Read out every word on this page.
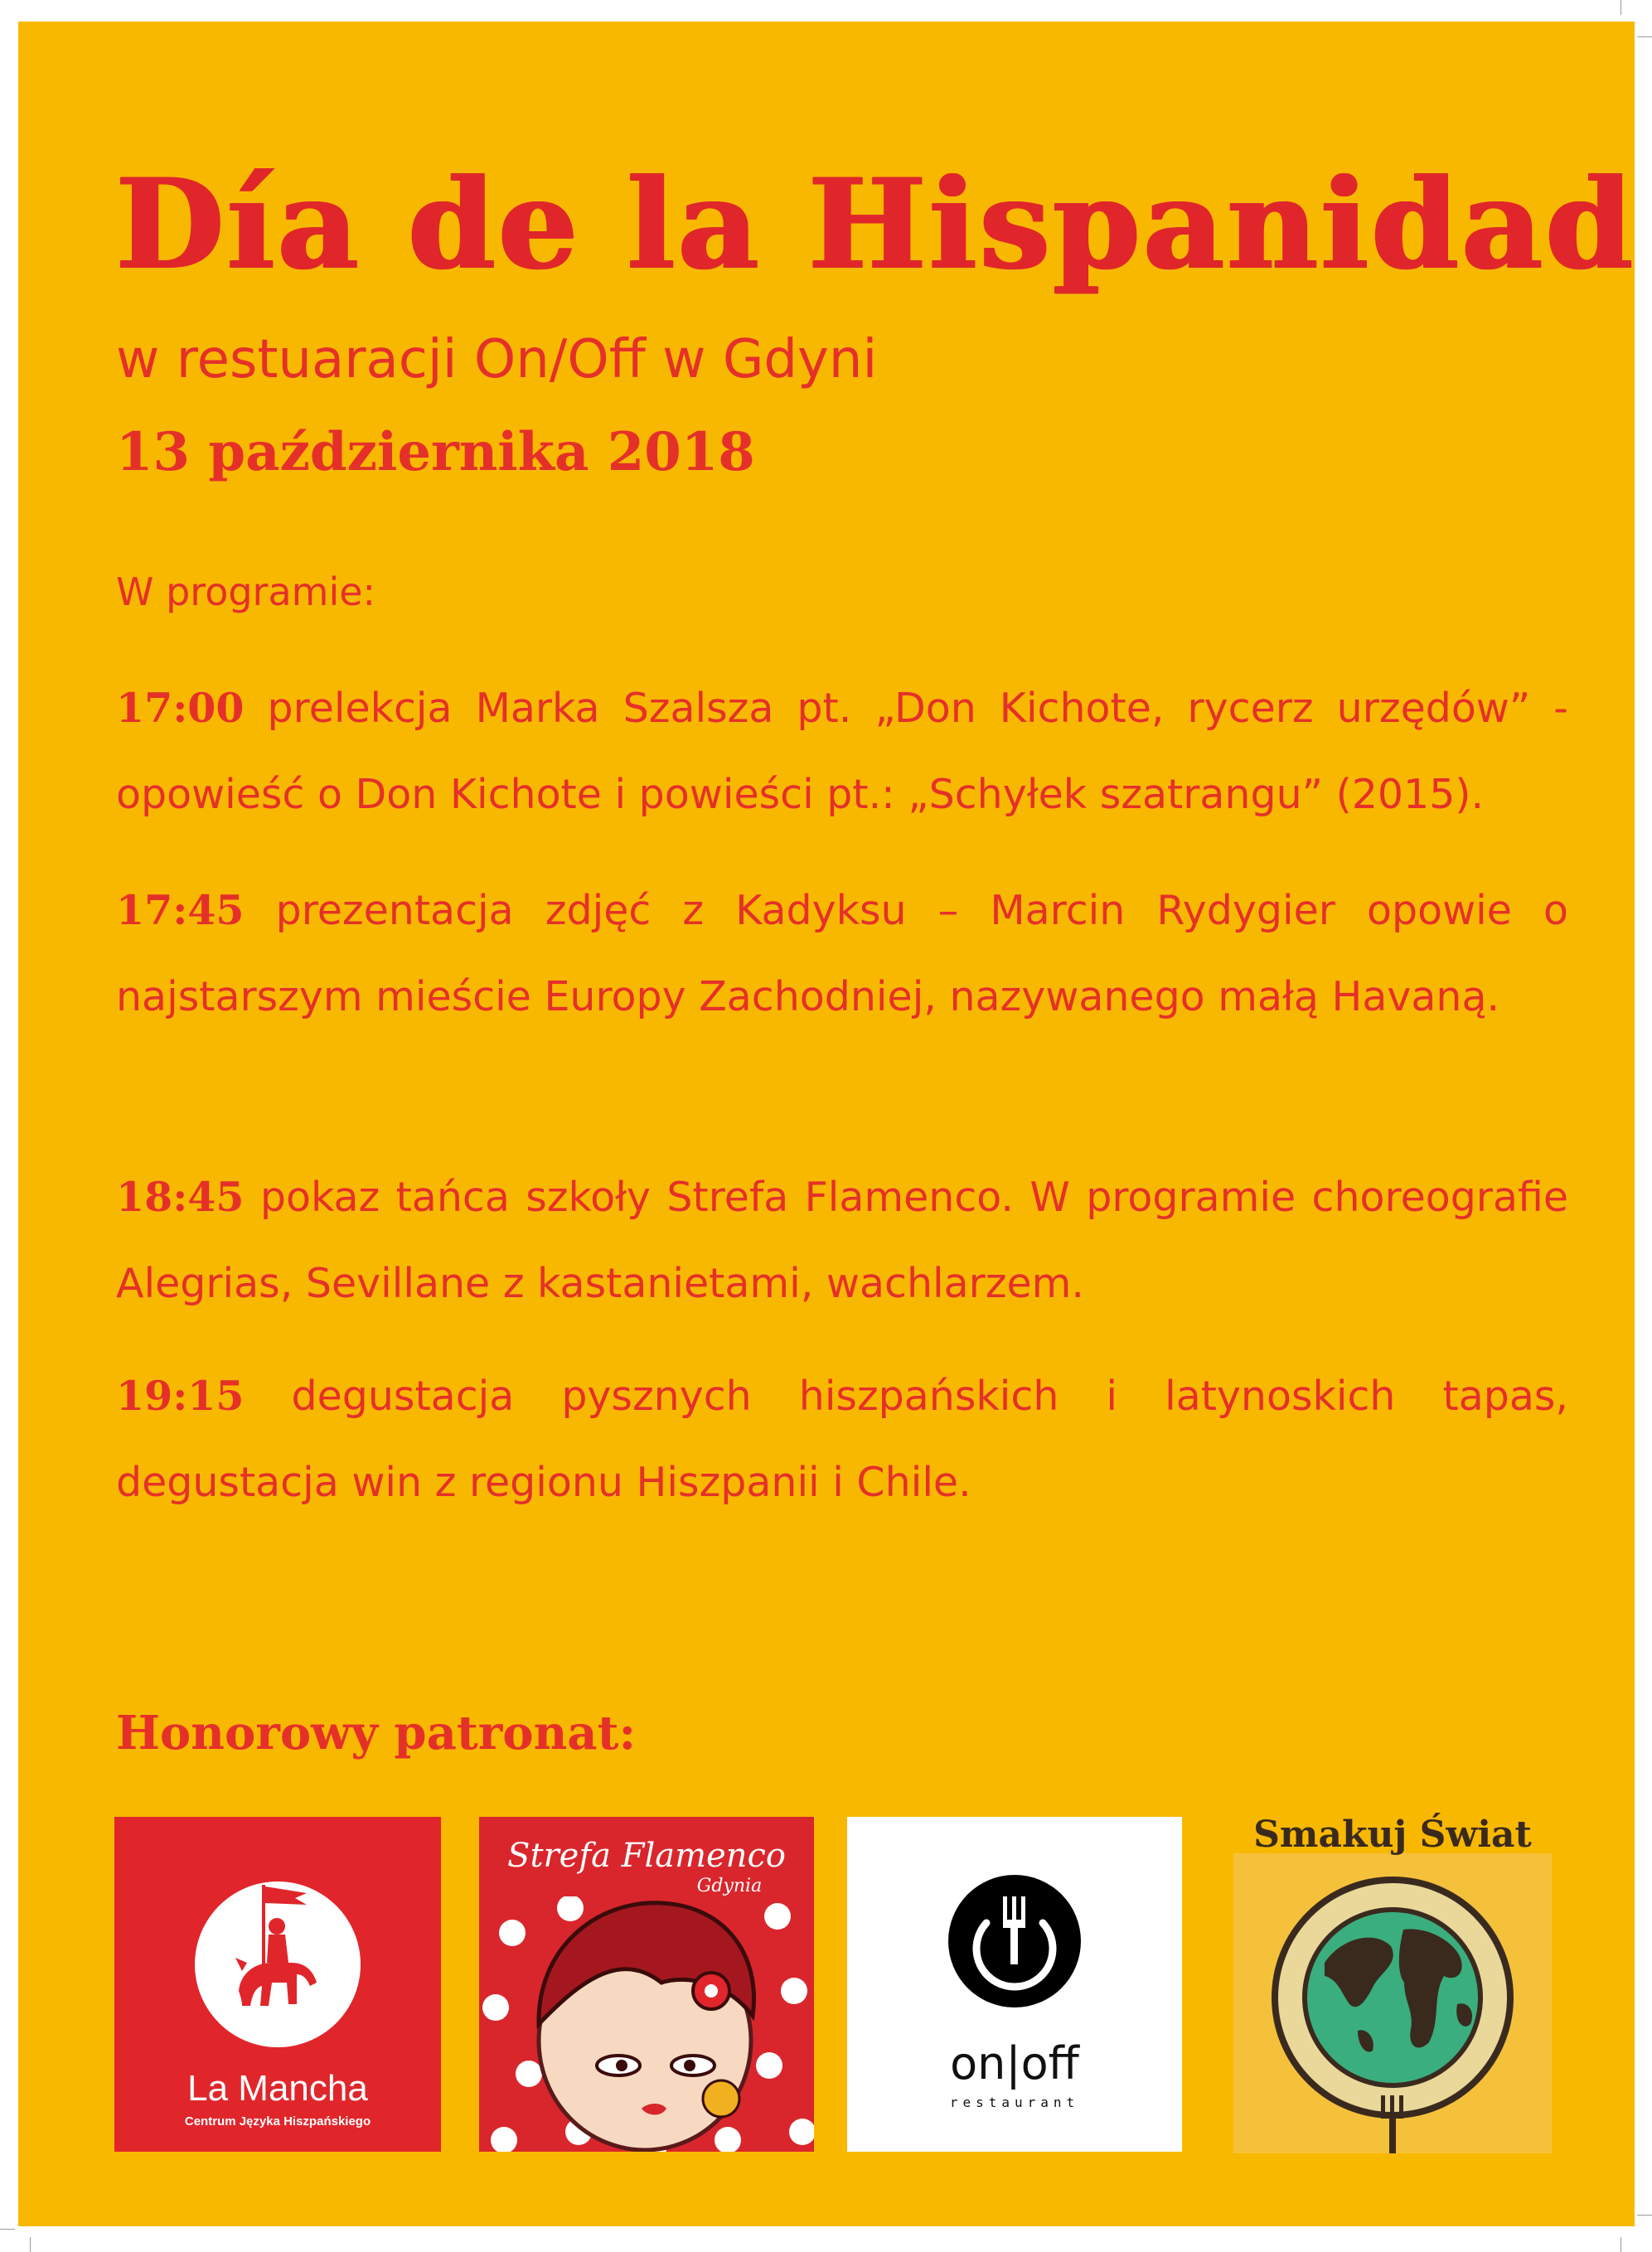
Día de la Hispanidad

w restuaracji On/Off w Gdyni

13 października 2018

W programie:

17:00 prelekcja Marka Szalsza pt. „Don Kichote, rycerz urzędów” - opowieść o Don Kichote i powieści pt.: „Schyłek szatrangu” (2015).

17:45 prezentacja zdjęć z Kadyksu – Marcin Rydygier opowie o najstarszym mieście Europy Zachodniej, nazywanego małą Havaną.

18:45 pokaz tańca szkoły Strefa Flamenco. W programie choreografie Alegrias, Sevillane z kastanietami, wachlarzem.

19:15 degustacja pysznych hiszpańskich i latynoskich tapas, degustacja win z regionu Hiszpanii i Chile.

Honorowy patronat:

La Mancha
Centrum Języka Hiszpańskiego
Strefa Flamenco
Gdynia
on|off
restaurant
Smakuj Świat
